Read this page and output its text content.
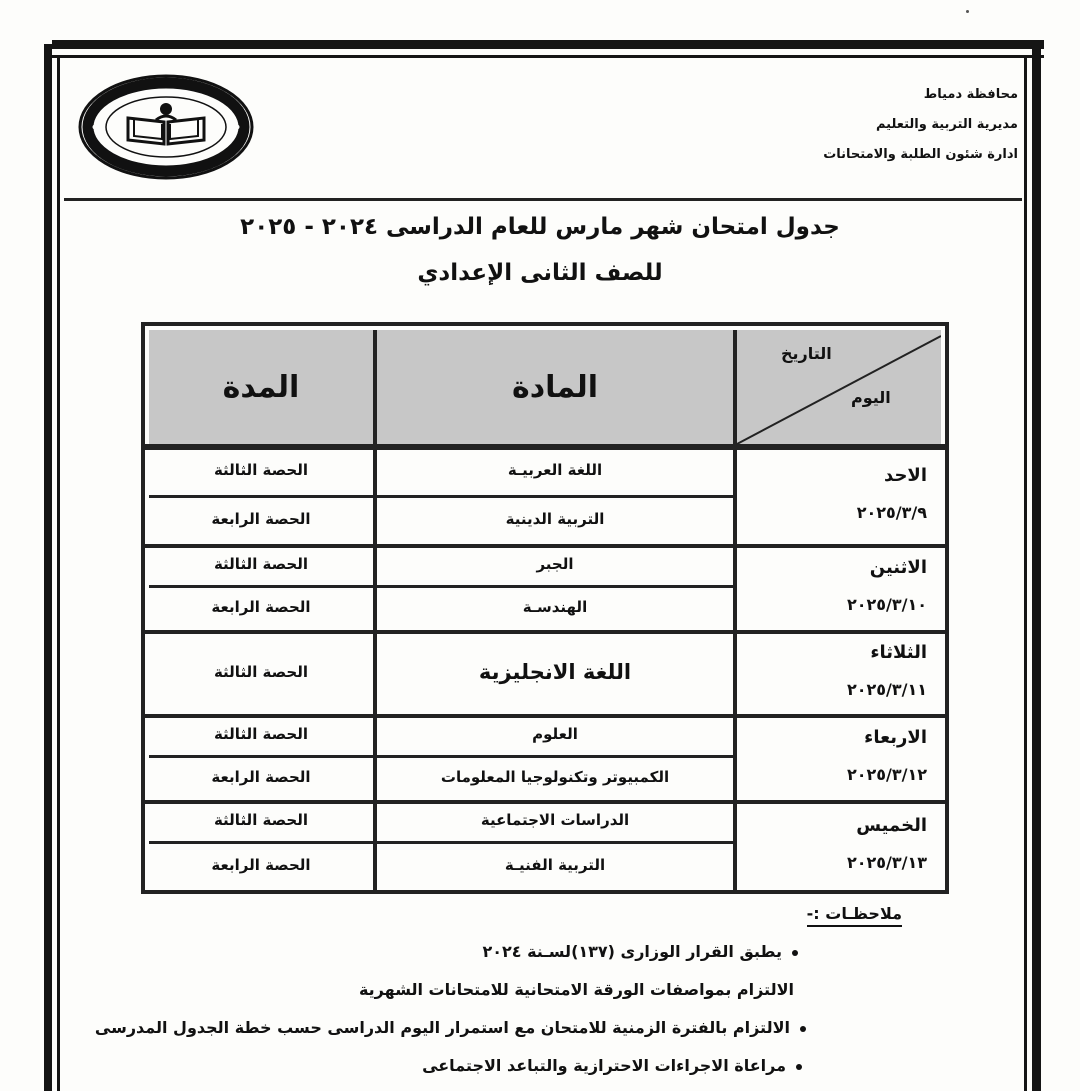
محافظة دمياط
مديرية التربية والتعليم
ادارة شئون الطلبة والامتحانات
جدول امتحان شهر مارس للعام الدراسى ٢٠٢٤ - ٢٠٢٥
للصف الثانى الإعدادي
التاريخ
اليوم
المادة
المدة
الاحد
٢٠٢٥/٣/٩
اللغة العربيـة
الحصة الثالثة
التربية الدينية
الحصة الرابعة
الاثنين
٢٠٢٥/٣/١٠
الجبر
الحصة الثالثة
الهندسـة
الحصة الرابعة
الثلاثاء
٢٠٢٥/٣/١١
اللغة الانجليزية
الحصة الثالثة
الاربعاء
٢٠٢٥/٣/١٢
العلوم
الحصة الثالثة
الكمبيوتر وتكنولوجيا المعلومات
الحصة الرابعة
الخميس
٢٠٢٥/٣/١٣
الدراسات الاجتماعية
الحصة الثالثة
التربية الفنيـة
الحصة الرابعة
ملاحظـات :-
يطبق القرار الوزارى (١٣٧)لسـنة ٢٠٢٤
الالتزام بمواصفات الورقة الامتحانية للامتحانات الشهرية
الالتزام بالفترة الزمنية للامتحان مع استمرار اليوم الدراسى حسب خطة الجدول المدرسى
مراعاة الاجراءات الاحترازية والتباعد الاجتماعى
